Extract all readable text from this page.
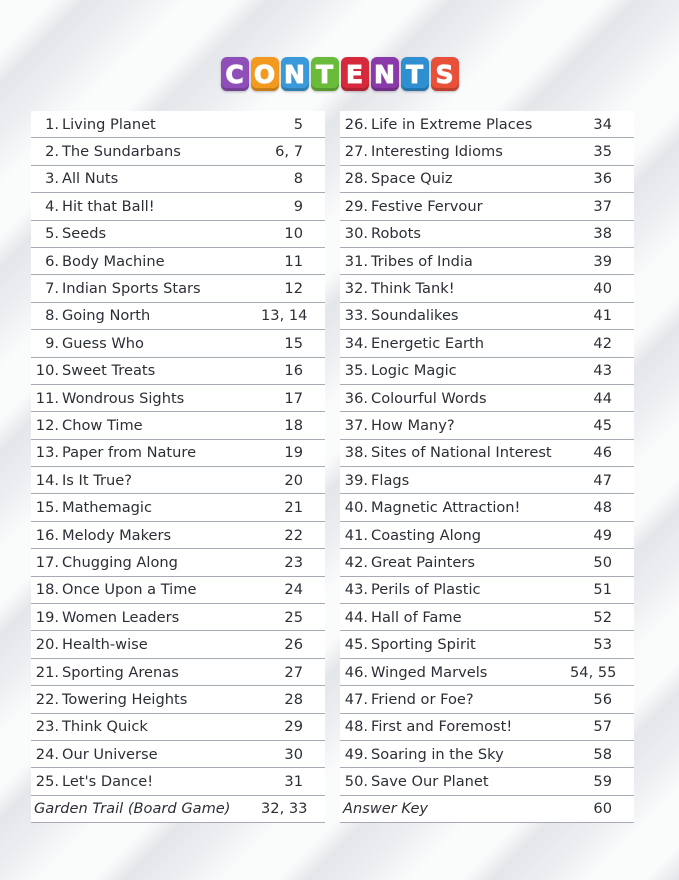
C O N T E N T S
1. Living Planet	5
2. The Sundarbans	6, 7
3. All Nuts	8
4. Hit that Ball!	9
5. Seeds	10
6. Body Machine	11
7. Indian Sports Stars	12
8. Going North	13, 14
9. Guess Who	15
10. Sweet Treats	16
11. Wondrous Sights	17
12. Chow Time	18
13. Paper from Nature	19
14. Is It True?	20
15. Mathemagic	21
16. Melody Makers	22
17. Chugging Along	23
18. Once Upon a Time	24
19. Women Leaders	25
20. Health-wise	26
21. Sporting Arenas	27
22. Towering Heights	28
23. Think Quick	29
24. Our Universe	30
25. Let's Dance!	31
Garden Trail (Board Game)	32, 33
26. Life in Extreme Places	34
27. Interesting Idioms	35
28. Space Quiz	36
29. Festive Fervour	37
30. Robots	38
31. Tribes of India	39
32. Think Tank!	40
33. Soundalikes	41
34. Energetic Earth	42
35. Logic Magic	43
36. Colourful Words	44
37. How Many?	45
38. Sites of National Interest	46
39. Flags	47
40. Magnetic Attraction!	48
41. Coasting Along	49
42. Great Painters	50
43. Perils of Plastic	51
44. Hall of Fame	52
45. Sporting Spirit	53
46. Winged Marvels	54, 55
47. Friend or Foe?	56
48. First and Foremost!	57
49. Soaring in the Sky	58
50. Save Our Planet	59
Answer Key	60
